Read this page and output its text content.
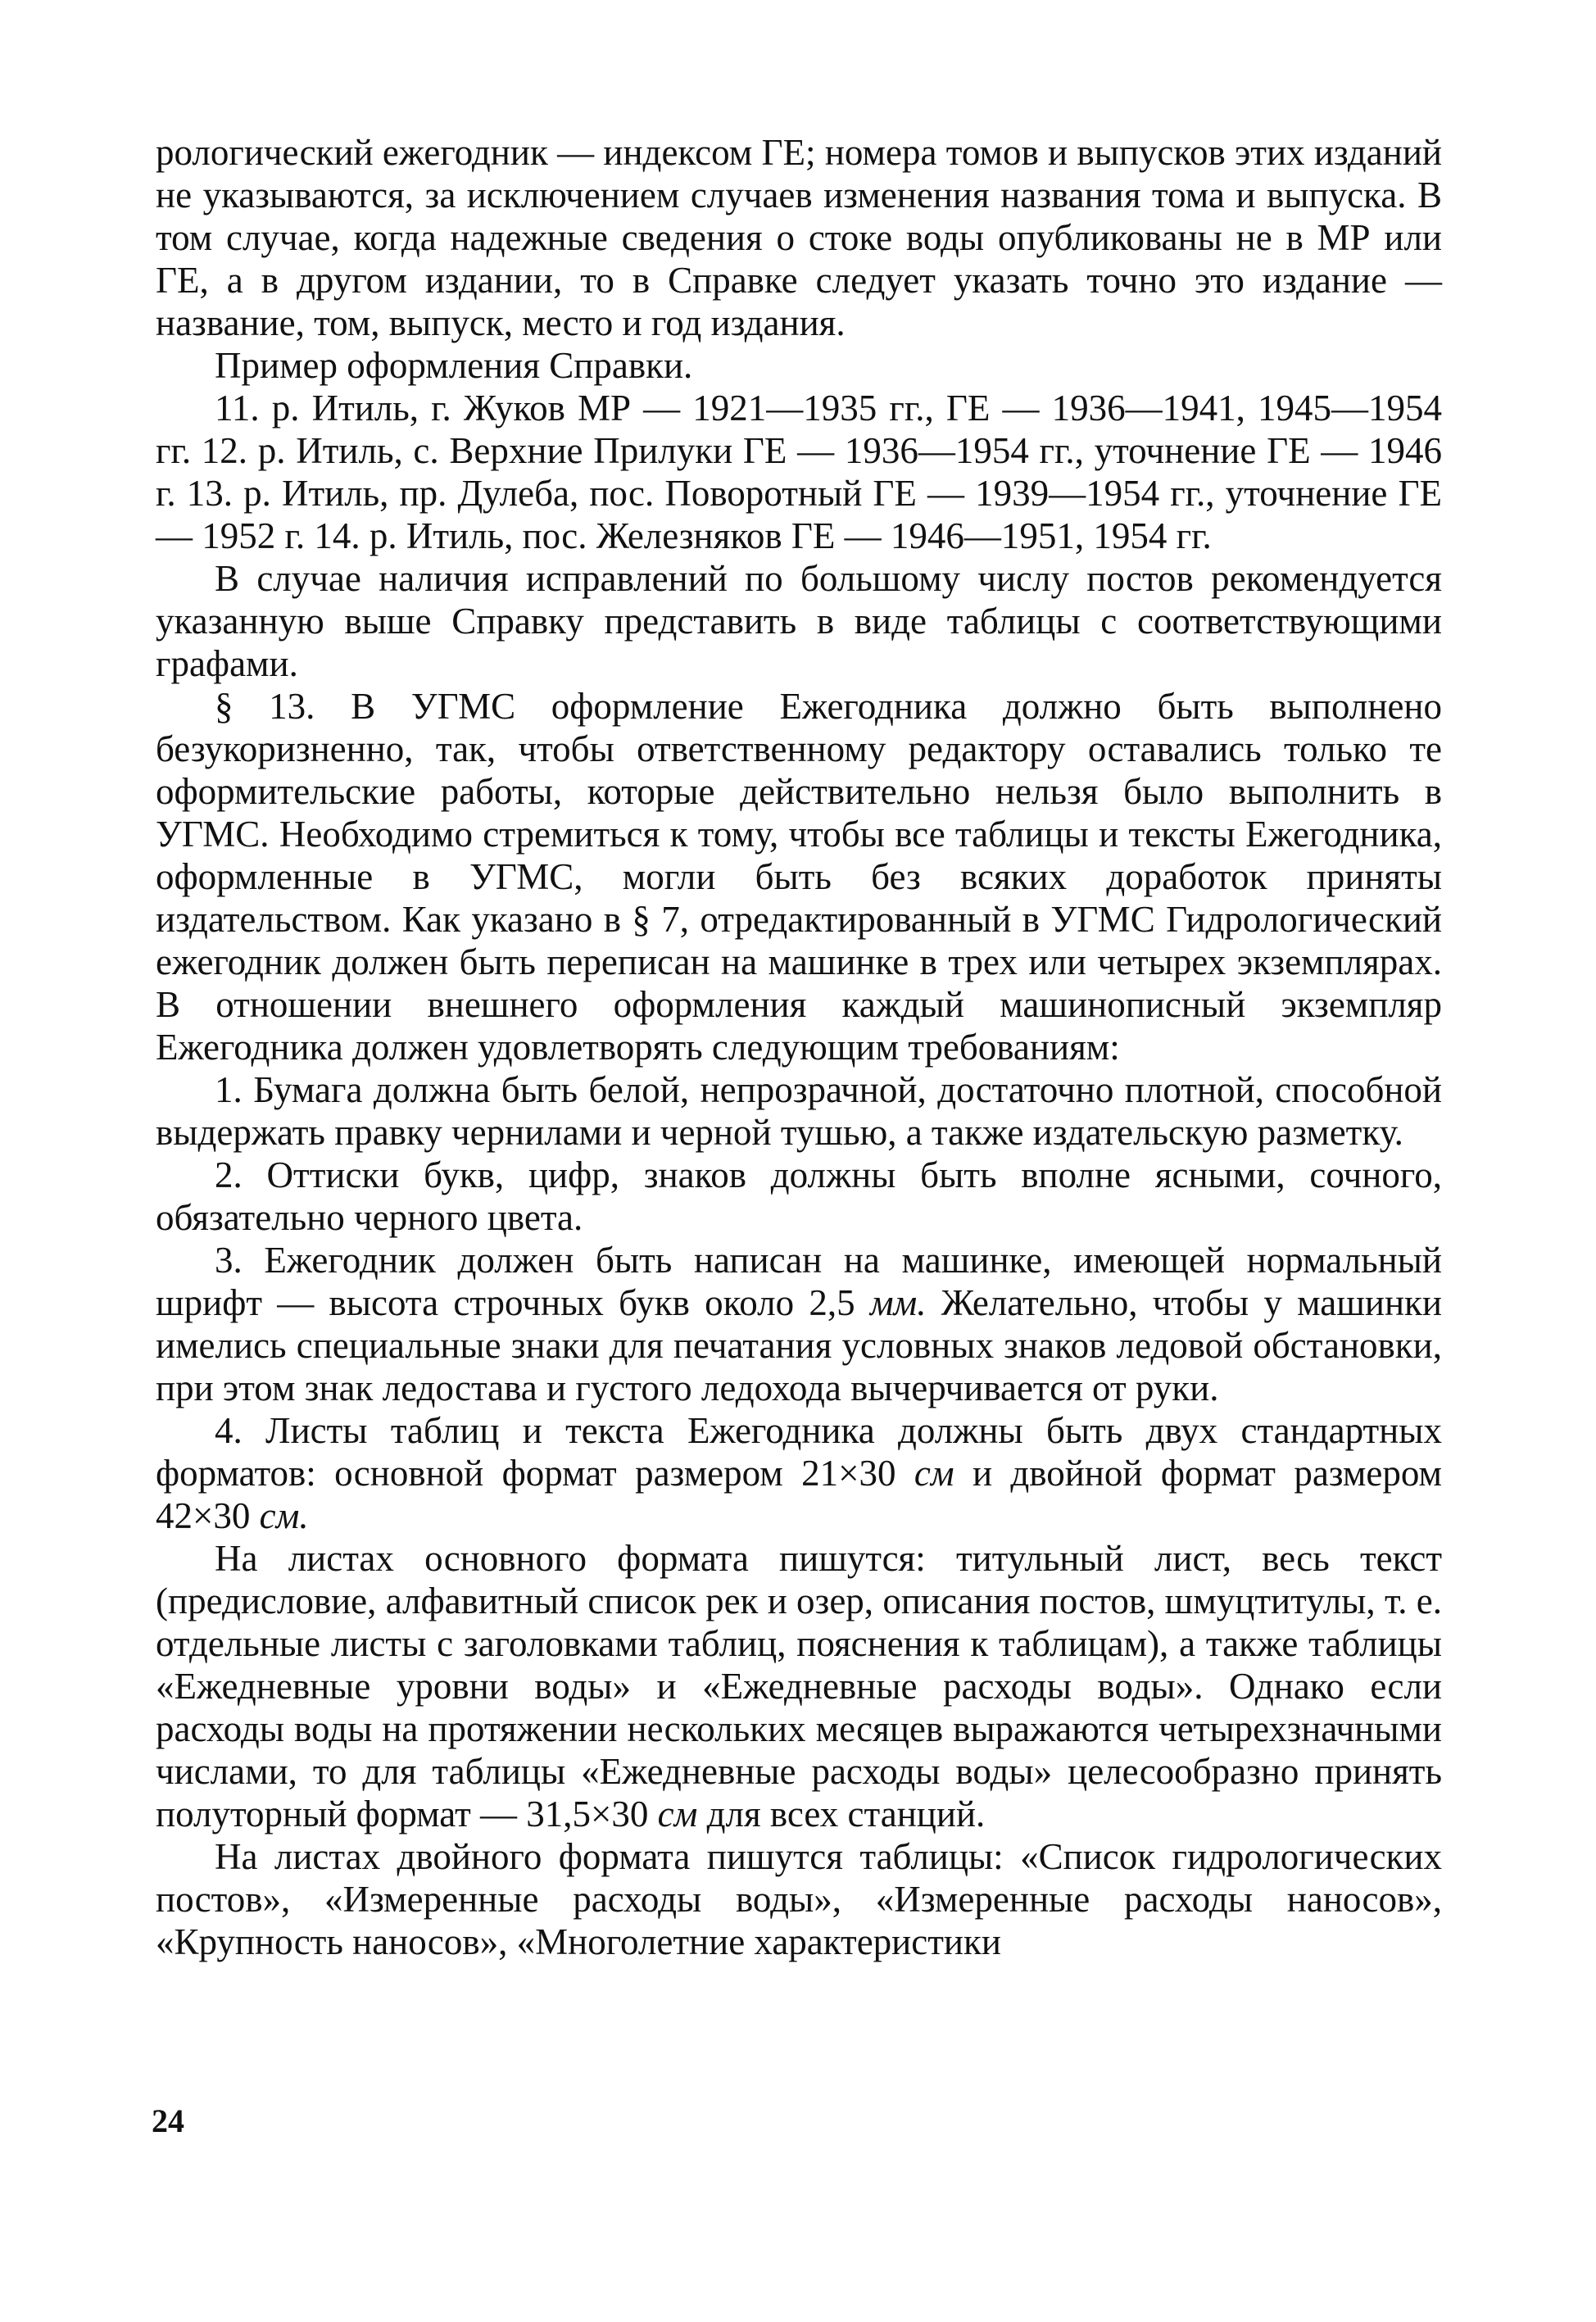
рологический ежегодник — индексом ГЕ; номера томов и выпусков этих изданий не указываются, за исключением случаев изменения названия тома и выпуска. В том случае, когда надежные сведения о стоке воды опубликованы не в МР или ГЕ, а в другом издании, то в Справке следует указать точно это издание — название, том, выпуск, место и год издания.

Пример оформления Справки.

11. р. Итиль, г. Жуков МР — 1921—1935 гг., ГЕ — 1936—1941, 1945—1954 гг. 12. р. Итиль, с. Верхние Прилуки ГЕ — 1936—1954 гг., уточнение ГЕ — 1946 г. 13. р. Итиль, пр. Дулеба, пос. Поворотный ГЕ — 1939—1954 гг., уточнение ГЕ — 1952 г. 14. р. Итиль, пос. Железняков ГЕ — 1946—1951, 1954 гг.

В случае наличия исправлений по большому числу постов рекомендуется указанную выше Справку представить в виде таблицы с соответствующими графами.

§ 13. В УГМС оформление Ежегодника должно быть выполнено безукоризненно, так, чтобы ответственному редактору оставались только те оформительские работы, которые действительно нельзя было выполнить в УГМС. Необходимо стремиться к тому, чтобы все таблицы и тексты Ежегодника, оформленные в УГМС, могли быть без всяких доработок приняты издательством. Как указано в § 7, отредактированный в УГМС Гидрологический ежегодник должен быть переписан на машинке в трех или четырех экземплярах. В отношении внешнего оформления каждый машинописный экземпляр Ежегодника должен удовлетворять следующим требованиям:

1. Бумага должна быть белой, непрозрачной, достаточно плотной, способной выдержать правку чернилами и черной тушью, а также издательскую разметку.

2. Оттиски букв, цифр, знаков должны быть вполне ясными, сочного, обязательно черного цвета.

3. Ежегодник должен быть написан на машинке, имеющей нормальный шрифт — высота строчных букв около 2,5 мм. Желательно, чтобы у машинки имелись специальные знаки для печатания условных знаков ледовой обстановки, при этом знак ледостава и густого ледохода вычерчивается от руки.

4. Листы таблиц и текста Ежегодника должны быть двух стандартных форматов: основной формат размером 21×30 см и двойной формат размером 42×30 см.

На листах основного формата пишутся: титульный лист, весь текст (предисловие, алфавитный список рек и озер, описания постов, шмуцтитулы, т. е. отдельные листы с заголовками таблиц, пояснения к таблицам), а также таблицы «Ежедневные уровни воды» и «Ежедневные расходы воды». Однако если расходы воды на протяжении нескольких месяцев выражаются четырехзначными числами, то для таблицы «Ежедневные расходы воды» целесообразно принять полуторный формат — 31,5×30 см для всех станций.

На листах двойного формата пишутся таблицы: «Список гидрологических постов», «Измеренные расходы воды», «Измеренные расходы наносов», «Крупность наносов», «Многолетние характеристики

24
